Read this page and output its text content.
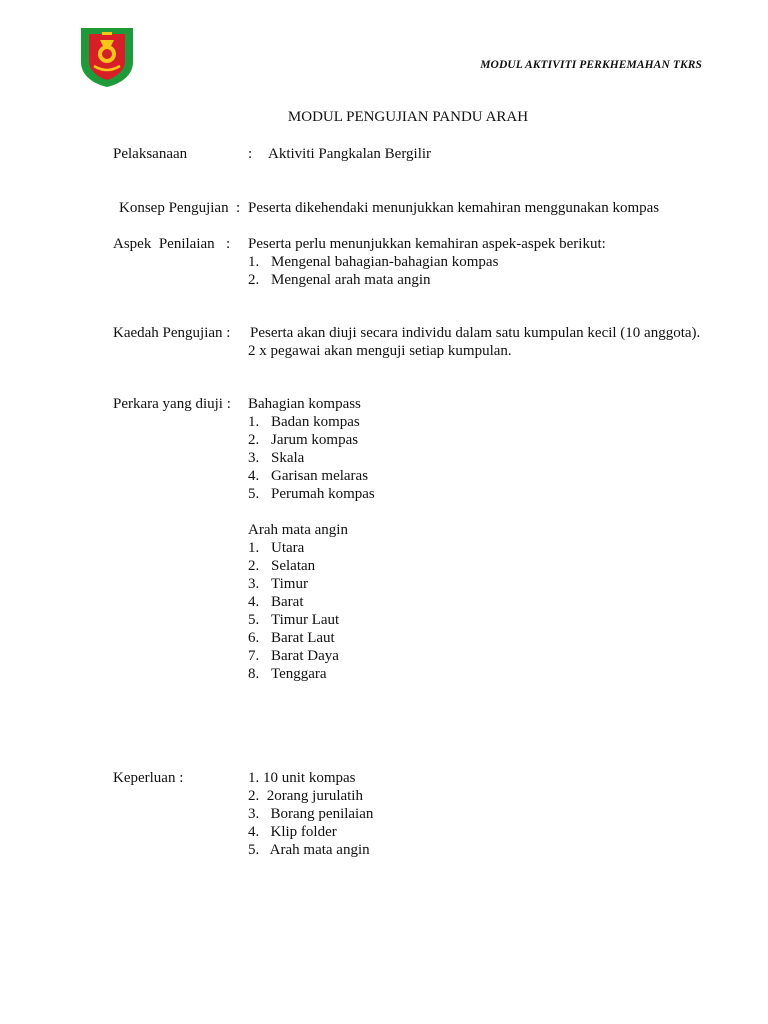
MODUL AKTIVITI PERKHEMAHAN TKRS
MODUL PENGUJIAN PANDU ARAH
Pelaksanaan	: Aktiviti Pangkalan Bergilir
Konsep Pengujian : Peserta dikehendaki menunjukkan kemahiran menggunakan kompas
Aspek  Penilaian : Peserta perlu menunjukkan kemahiran aspek-aspek berikut:
1. Mengenal bahagian-bahagian kompas
2. Mengenal arah mata angin
Kaedah Pengujian : Peserta akan diuji secara individu dalam satu kumpulan kecil (10 anggota).
2 x pegawai akan menguji setiap kumpulan.
Perkara yang diuji : Bahagian kompass
1. Badan kompas
2. Jarum kompas
3. Skala
4. Garisan melaras
5. Perumah kompas
Arah mata angin
1. Utara
2. Selatan
3. Timur
4. Barat
5. Timur Laut
6. Barat Laut
7. Barat Daya
8. Tenggara
Keperluan :	1. 10 unit kompas
2.  2orang jurulatih
3.   Borang penilaian
4.   Klip folder
5.   Arah mata angin
